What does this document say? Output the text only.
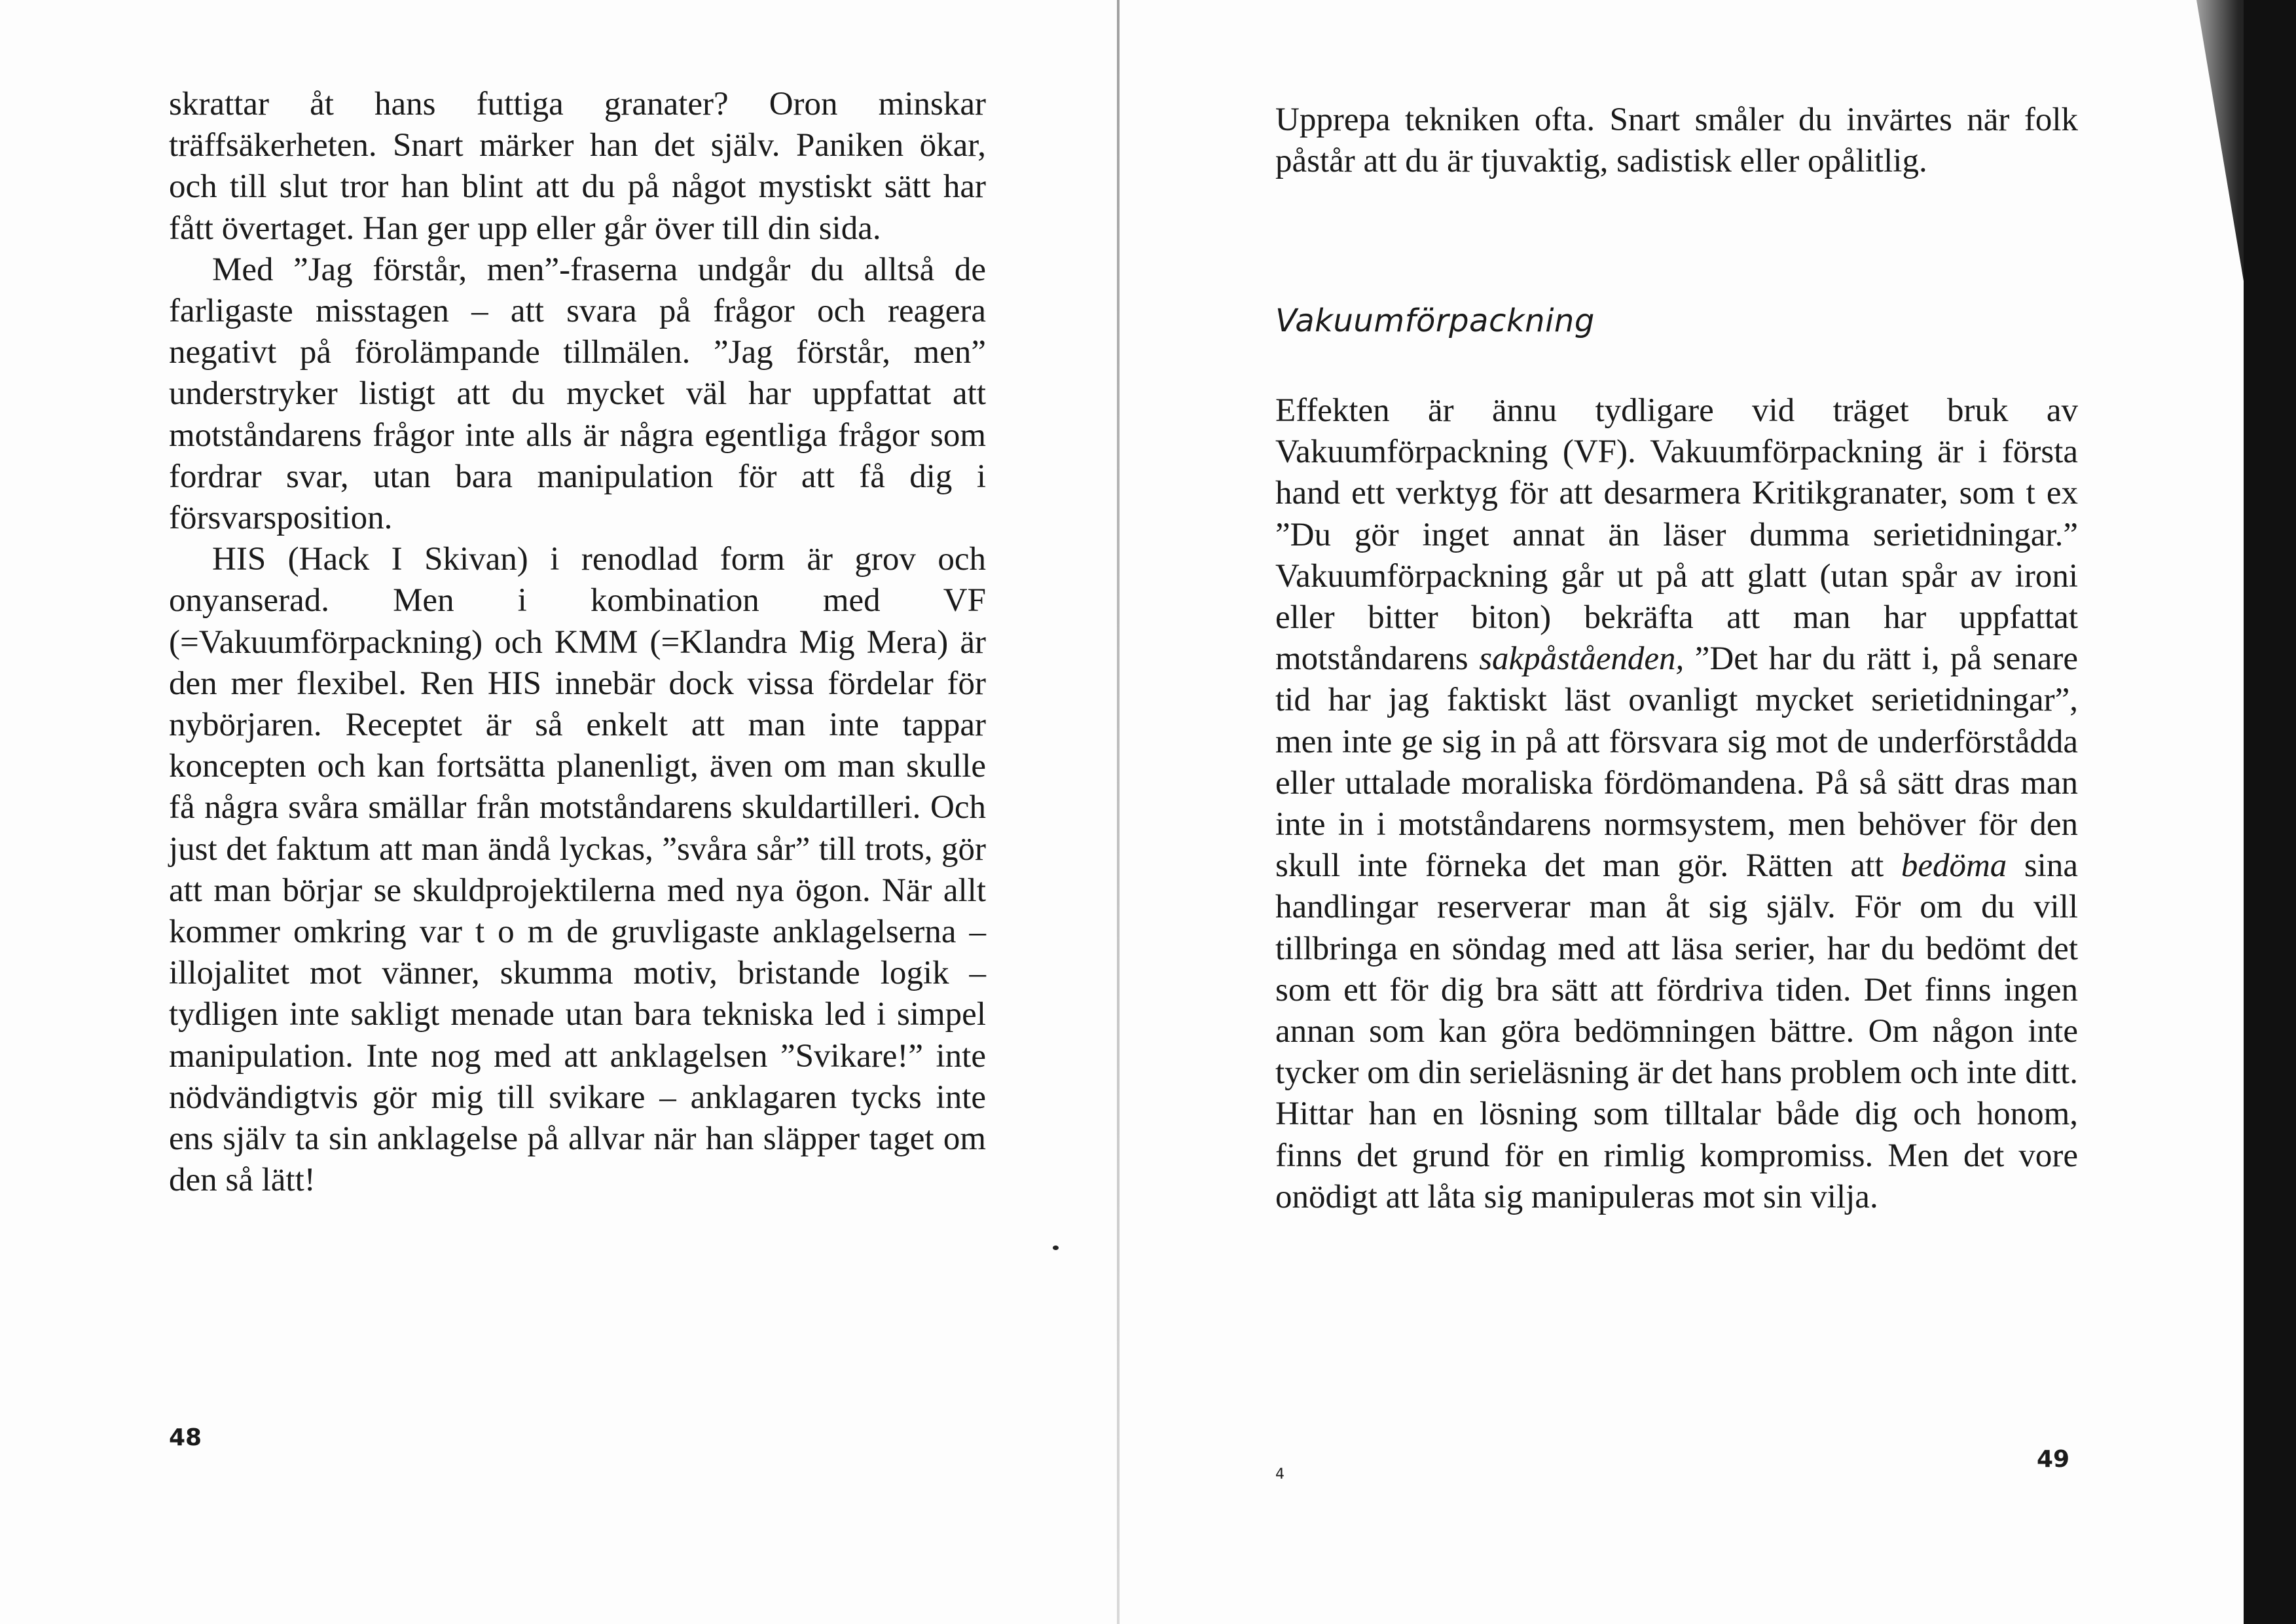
skrattar åt hans futtiga granater? Oron minskar träffsäkerheten. Snart märker han det själv. Paniken ökar, och till slut tror han blint att du på något mystiskt sätt har fått övertaget. Han ger upp eller går över till din sida.

Med ”Jag förstår, men”-fraserna undgår du alltså de farligaste misstagen – att svara på frågor och reagera negativt på förolämpande tillmälen. ”Jag förstår, men” understryker listigt att du mycket väl har uppfattat att motståndarens frågor inte alls är några egentliga frågor som fordrar svar, utan bara manipulation för att få dig i försvarsposition.

HIS (Hack I Skivan) i renodlad form är grov och onyanserad. Men i kombination med VF (=Vakuumförpackning) och KMM (=Klandra Mig Mera) är den mer flexibel. Ren HIS innebär dock vissa fördelar för nybörjaren. Receptet är så enkelt att man inte tappar koncepten och kan fortsätta planenligt, även om man skulle få några svåra smällar från motståndarens skuldartilleri. Och just det faktum att man ändå lyckas, ”svåra sår” till trots, gör att man börjar se skuldprojektilerna med nya ögon. När allt kommer omkring var t o m de gruvligaste anklagelserna – illojalitet mot vänner, skumma motiv, bristande logik – tydligen inte sakligt menade utan bara tekniska led i simpel manipulation. Inte nog med att anklagelsen ”Svikare!” inte nödvändigtvis gör mig till svikare – anklagaren tycks inte ens själv ta sin anklagelse på allvar när han släpper taget om den så lätt!

48

Upprepa tekniken ofta. Snart småler du invärtes när folk påstår att du är tjuvaktig, sadistisk eller opålitlig.

Vakuumförpackning

Effekten är ännu tydligare vid träget bruk av Vakuumförpackning (VF). Vakuumförpackning är i första hand ett verktyg för att desarmera Kritikgranater, som t ex ”Du gör inget annat än läser dumma serietidningar.” Vakuumförpackning går ut på att glatt (utan spår av ironi eller bitter biton) bekräfta att man har uppfattat motståndarens sakpåståenden, ”Det har du rätt i, på senare tid har jag faktiskt läst ovanligt mycket serietidningar”, men inte ge sig in på att försvara sig mot de underförstådda eller uttalade moraliska fördömandena. På så sätt dras man inte in i motståndarens normsystem, men behöver för den skull inte förneka det man gör. Rätten att bedöma sina handlingar reserverar man åt sig själv. För om du vill tillbringa en söndag med att läsa serier, har du bedömt det som ett för dig bra sätt att fördriva tiden. Det finns ingen annan som kan göra bedömningen bättre. Om någon inte tycker om din serieläsning är det hans problem och inte ditt. Hittar han en lösning som tilltalar både dig och honom, finns det grund för en rimlig kompromiss. Men det vore onödigt att låta sig manipuleras mot sin vilja.

4
49
